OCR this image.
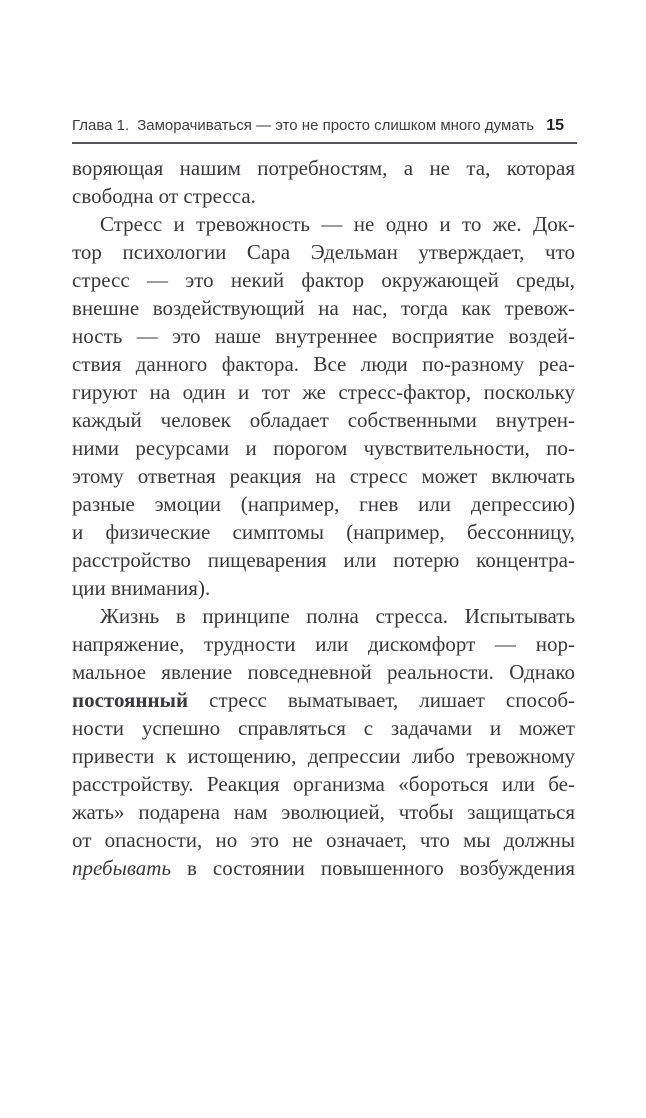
Глава 1. Заморачиваться — это не просто слишком много думать 15
воряющая нашим потребностям, а не та, которая
свободна от стресса.
Стресс и тревожность — не одно и то же. Док-
тор психологии Сара Эдельман утверждает, что
стресс — это некий фактор окружающей среды,
внешне воздействующий на нас, тогда как тревож-
ность — это наше внутреннее восприятие воздей-
ствия данного фактора. Все люди по-разному реа-
гируют на один и тот же стресс-фактор, поскольку
каждый человек обладает собственными внутрен-
ними ресурсами и порогом чувствительности, по-
этому ответная реакция на стресс может включать
разные эмоции (например, гнев или депрессию)
и физические симптомы (например, бессонницу,
расстройство пищеварения или потерю концентра-
ции внимания).
Жизнь в принципе полна стресса. Испытывать
напряжение, трудности или дискомфорт — нор-
мальное явление повседневной реальности. Однако
постоянный стресс выматывает, лишает способ-
ности успешно справляться с задачами и может
привести к истощению, депрессии либо тревожному
расстройству. Реакция организма «бороться или бе-
жать» подарена нам эволюцией, чтобы защищаться
от опасности, но это не означает, что мы должны
пребывать в состоянии повышенного возбуждения
